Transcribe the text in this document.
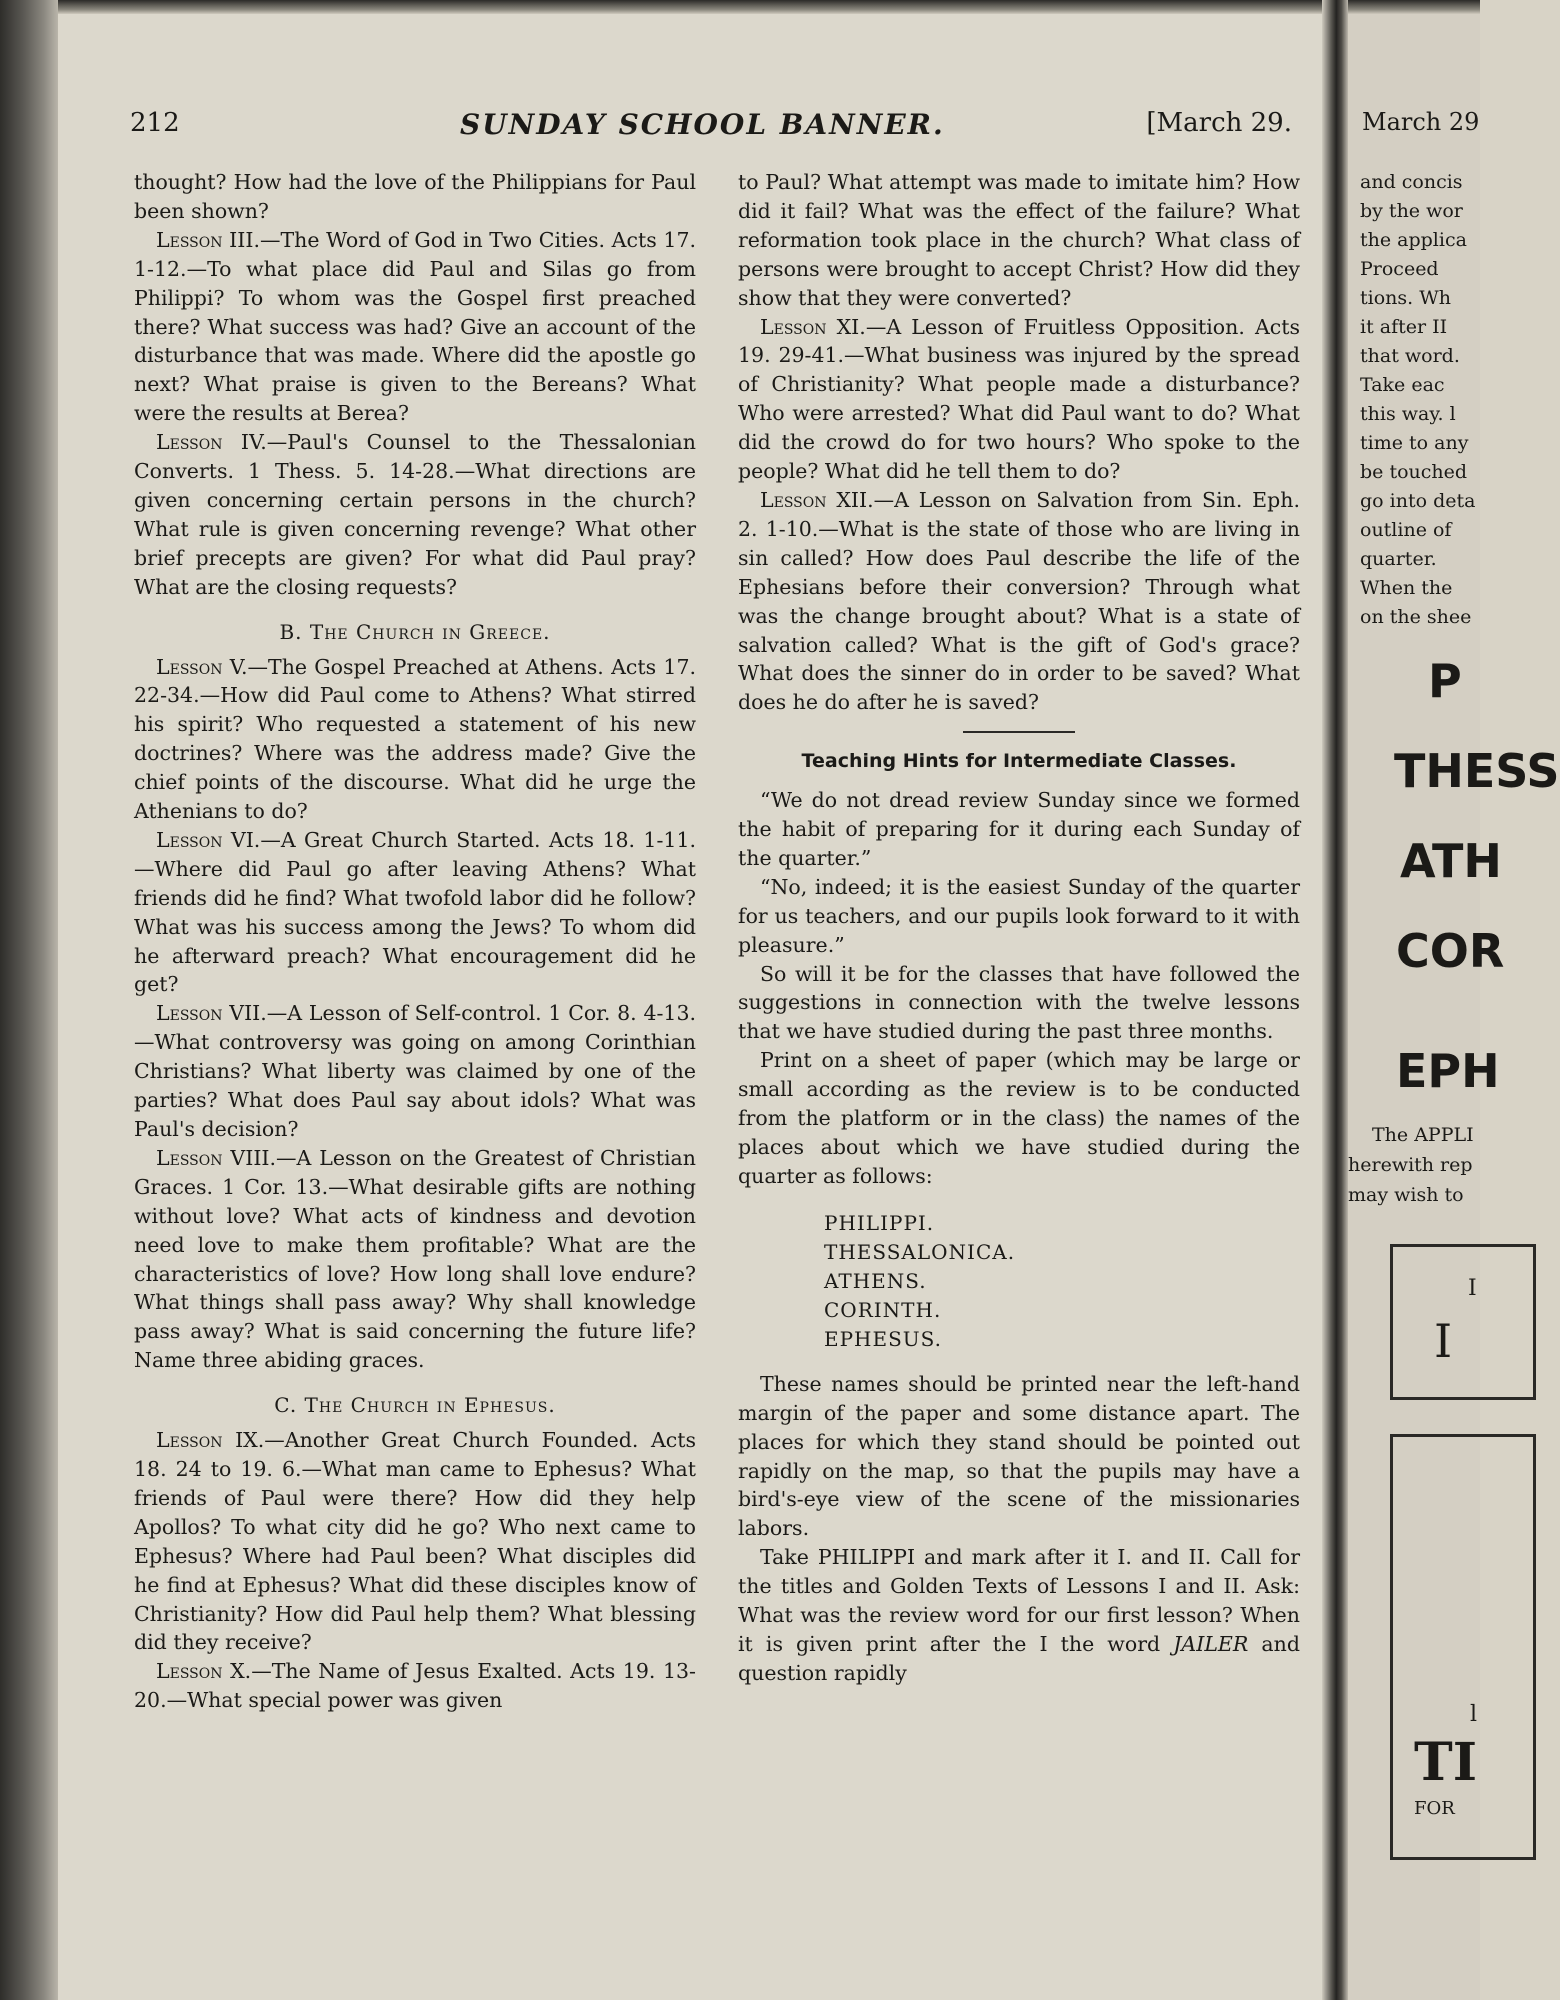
212	SUNDAY SCHOOL BANNER.	[March 29.

thought? How had the love of the Philippians for Paul been shown?

Lesson III.—The Word of God in Two Cities. Acts 17. 1-12.—To what place did Paul and Silas go from Philippi? To whom was the Gospel first preached there? What success was had? Give an account of the disturbance that was made. Where did the apostle go next? What praise is given to the Bereans? What were the results at Berea?

Lesson IV.—Paul's Counsel to the Thessalonian Converts. 1 Thess. 5. 14-28.—What directions are given concerning certain persons in the church? What rule is given concerning revenge? What other brief precepts are given? For what did Paul pray? What are the closing requests?

B. The Church in Greece.

Lesson V.—The Gospel Preached at Athens. Acts 17. 22-34.—How did Paul come to Athens? What stirred his spirit? Who requested a statement of his new doctrines? Where was the address made? Give the chief points of the discourse. What did he urge the Athenians to do?

Lesson VI.—A Great Church Started. Acts 18. 1-11.—Where did Paul go after leaving Athens? What friends did he find? What twofold labor did he follow? What was his success among the Jews? To whom did he afterward preach? What encouragement did he get?

Lesson VII.—A Lesson of Self-control. 1 Cor. 8. 4-13.—What controversy was going on among Corinthian Christians? What liberty was claimed by one of the parties? What does Paul say about idols? What was Paul's decision?

Lesson VIII.—A Lesson on the Greatest of Christian Graces. 1 Cor. 13.—What desirable gifts are nothing without love? What acts of kindness and devotion need love to make them profitable? What are the characteristics of love? How long shall love endure? What things shall pass away? Why shall knowledge pass away? What is said concerning the future life? Name three abiding graces.

C. The Church in Ephesus.

Lesson IX.—Another Great Church Founded. Acts 18. 24 to 19. 6.—What man came to Ephesus? What friends of Paul were there? How did they help Apollos? To what city did he go? Who next came to Ephesus? Where had Paul been? What disciples did he find at Ephesus? What did these disciples know of Christianity? How did Paul help them? What blessing did they receive?

Lesson X.—The Name of Jesus Exalted. Acts 19. 13-20.—What special power was given

to Paul? What attempt was made to imitate him? How did it fail? What was the effect of the failure? What reformation took place in the church? What class of persons were brought to accept Christ? How did they show that they were converted?

Lesson XI.—A Lesson of Fruitless Opposition. Acts 19. 29-41.—What business was injured by the spread of Christianity? What people made a disturbance? Who were arrested? What did Paul want to do? What did the crowd do for two hours? Who spoke to the people? What did he tell them to do?

Lesson XII.—A Lesson on Salvation from Sin. Eph. 2. 1-10.—What is the state of those who are living in sin called? How does Paul describe the life of the Ephesians before their conversion? Through what was the change brought about? What is a state of salvation called? What is the gift of God's grace? What does the sinner do in order to be saved? What does he do after he is saved?

Teaching Hints for Intermediate Classes.

“We do not dread review Sunday since we formed the habit of preparing for it during each Sunday of the quarter.”

“No, indeed; it is the easiest Sunday of the quarter for us teachers, and our pupils look forward to it with pleasure.”

So will it be for the classes that have followed the suggestions in connection with the twelve lessons that we have studied during the past three months.

Print on a sheet of paper (which may be large or small according as the review is to be conducted from the platform or in the class) the names of the places about which we have studied during the quarter as follows:

PHILIPPI.
THESSALONICA.
ATHENS.
CORINTH.
EPHESUS.

These names should be printed near the left-hand margin of the paper and some distance apart. The places for which they stand should be pointed out rapidly on the map, so that the pupils may have a bird's-eye view of the scene of the missionaries labors.

Take PHILIPPI and mark after it I. and II. Call for the titles and Golden Texts of Lessons I and II. Ask: What was the review word for our first lesson? When it is given print after the I the word JAILER and question rapidly

March 29
and concis
by the wor
the applica
Proceed
tions. Wh
it after II
that word.
Take eac
this way. l
time to any
be touched
go into deta
outline of
quarter.
When the
on the shee
P
THESS
ATH
COR
EPH
The APPLI
herewith rep
may wish to
I
I
l
TI
FOR
